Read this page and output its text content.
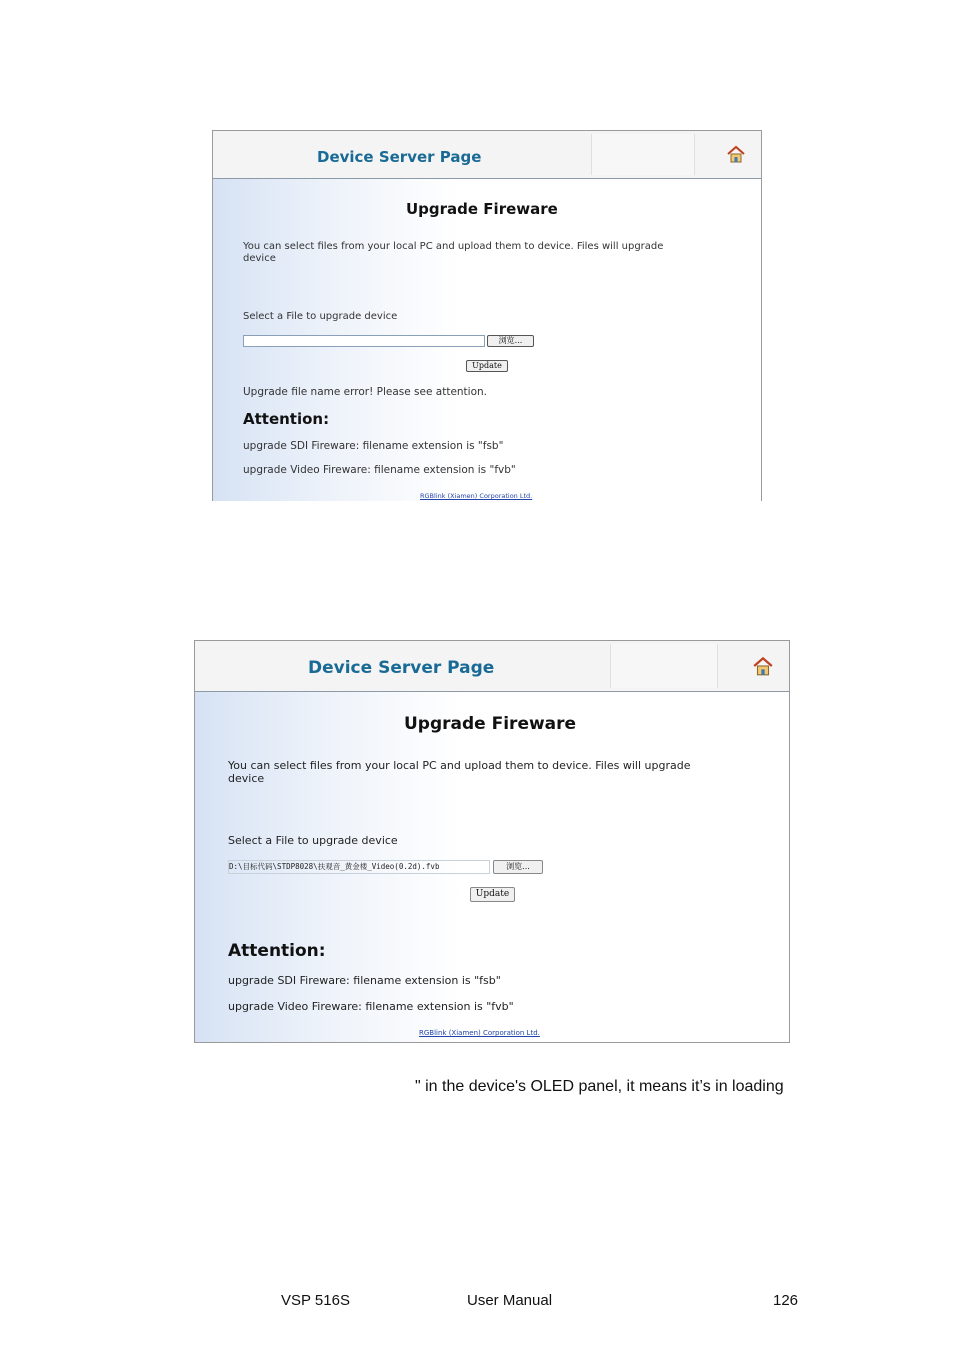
Device Server Page
Upgrade Fireware
You can select files from your local PC and upload them to device. Files will upgrade
device
Select a File to upgrade device
浏览...
Update
Upgrade file name error! Please see attention.
Attention:
upgrade SDI Fireware: filename extension is "fsb"
upgrade Video Fireware: filename extension is "fvb"
RGBlink (Xiamen) Corporation Ltd.
Device Server Page
Upgrade Fireware
You can select files from your local PC and upload them to device. Files will upgrade
device
Select a File to upgrade device
D:\目标代码\STDP8028\扶观音_黄金楼_Video(0.2d).fvb	浏览...
Update
Attention:
upgrade SDI Fireware: filename extension is "fsb"
upgrade Video Fireware: filename extension is "fvb"
RGBlink (Xiamen) Corporation Ltd.
" in the device's OLED panel, it means it’s in loading
VSP 516S	User Manual	126
